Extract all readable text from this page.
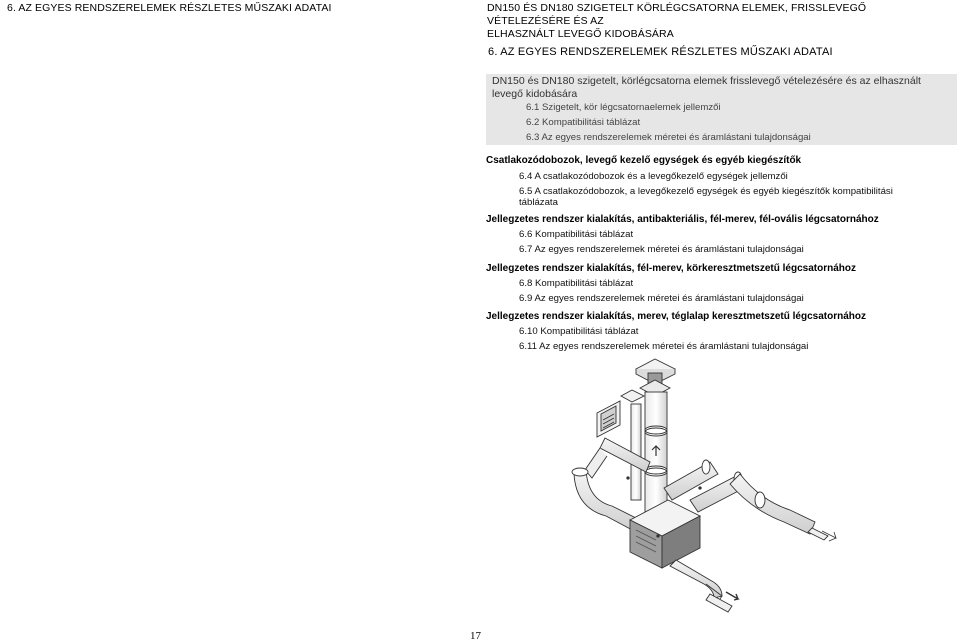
6. AZ EGYES RENDSZERELEMEK RÉSZLETES MŰSZAKI ADATAI	DN150 ÉS DN180 SZIGETELT KÖRLÉGCSATORNA ELEMEK, FRISSLEVEGŐ VÉTELEZÉSÉRE ÉS AZ
ELHASZNÁLT LEVEGŐ KIDOBÁSÁRA
6. AZ EGYES RENDSZERELEMEK RÉSZLETES MŰSZAKI ADATAI
DN150 és DN180 szigetelt, körlégcsatorna elemek frisslevegő vételezésére és az elhasznált
levegő kidobására
6.1 Szigetelt, kör légcsatornaelemek jellemzői
6.2 Kompatibilitási táblázat
6.3 Az egyes rendszerelemek méretei és áramlástani tulajdonságai
Csatlakozódobozok, levegő kezelő egységek és egyéb kiegészítők
6.4 A csatlakozódobozok és a levegőkezelő egységek jellemzői
6.5 A csatlakozódobozok, a levegőkezelő egységek és egyéb kiegészítők kompatibilitási
táblázata
Jellegzetes rendszer kialakítás, antibakteriális, fél-merev, fél-ovális légcsatornához
6.6 Kompatibilitási táblázat
6.7 Az egyes rendszerelemek méretei és áramlástani tulajdonságai
Jellegzetes rendszer kialakítás, fél-merev, körkeresztmetszetű légcsatornához
6.8 Kompatibilitási táblázat
6.9 Az egyes rendszerelemek méretei és áramlástani tulajdonságai
Jellegzetes rendszer kialakítás, merev, téglalap keresztmetszetű légcsatornához
6.10 Kompatibilitási táblázat
6.11 Az egyes rendszerelemek méretei és áramlástani tulajdonságai
17
